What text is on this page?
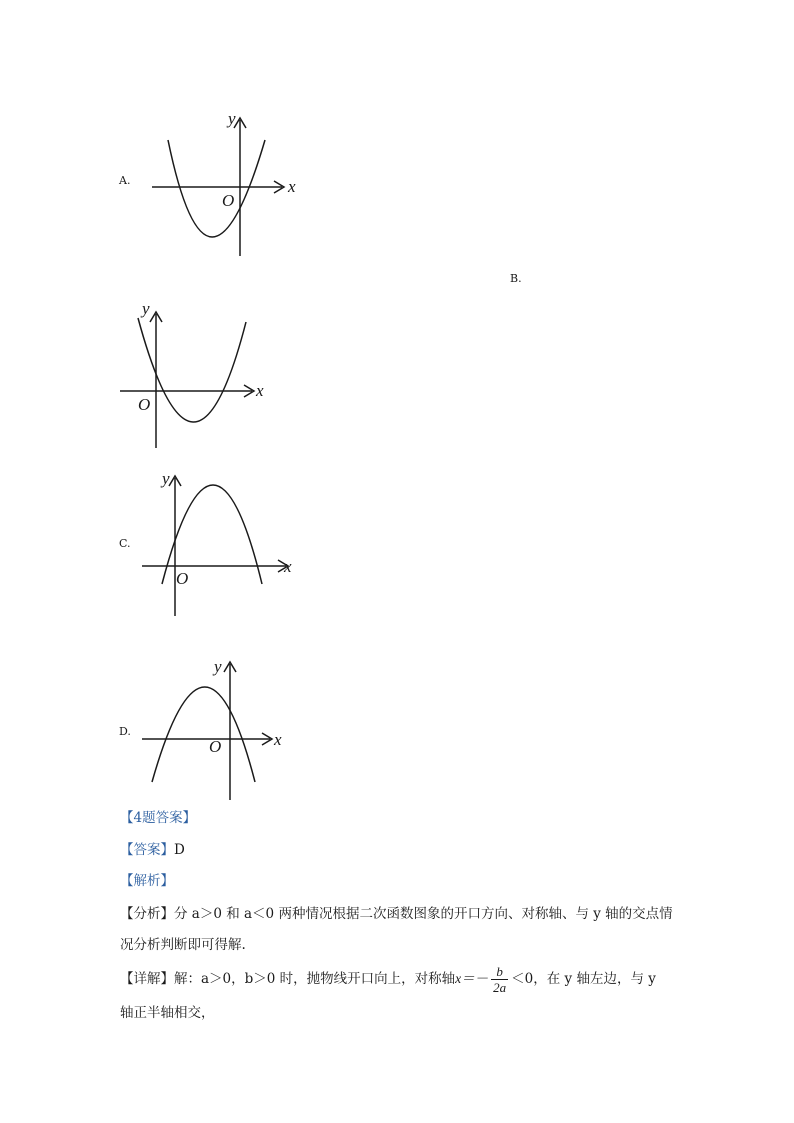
A.	x
y
O
B.
x
y
O
C.
x
y
O
D.	x
y
O
【4题答案】
【答案】D
【解析】
【分析】分 a＞0 和 a＜0 两种情况根据二次函数图象的开口方向、对称轴、与 y 轴的交点情
况分析判断即可得解.
【详解】解：a＞0，b＞0 时，抛物线开口向上，对称轴$x=- \frac{b}{2a} <0$，在 y 轴左边，与 y
轴正半轴相交，
